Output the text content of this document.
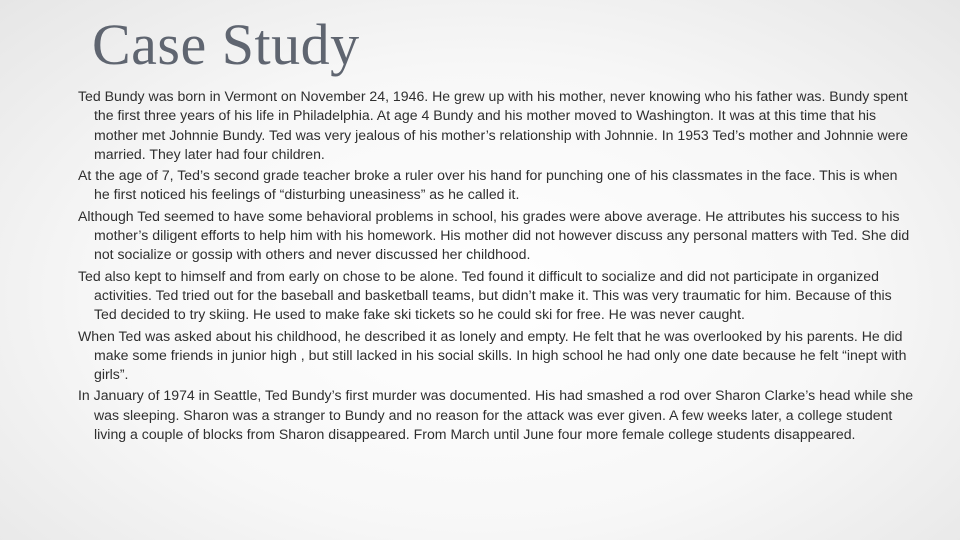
Case Study

Ted Bundy was born in Vermont on November 24, 1946. He grew up with his mother, never knowing who his father was. Bundy spent the first three years of his life in Philadelphia. At age 4 Bundy and his mother moved to Washington. It was at this time that his mother met Johnnie Bundy. Ted was very jealous of his mother’s relationship with Johnnie. In 1953 Ted’s mother and Johnnie were married. They later had four children.

At the age of 7, Ted’s second grade teacher broke a ruler over his hand for punching one of his classmates in the face. This is when he first noticed his feelings of “disturbing uneasiness” as he called it.

Although Ted seemed to have some behavioral problems in school, his grades were above average. He attributes his success to his mother’s diligent efforts to help him with his homework. His mother did not however discuss any personal matters with Ted. She did not socialize or gossip with others and never discussed her childhood.

Ted also kept to himself and from early on chose to be alone. Ted found it difficult to socialize and did not participate in organized activities. Ted tried out for the baseball and basketball teams, but didn’t make it. This was very traumatic for him. Because of this Ted decided to try skiing. He used to make fake ski tickets so he could ski for free. He was never caught.

When Ted was asked about his childhood, he described it as lonely and empty. He felt that he was overlooked by his parents. He did make some friends in junior high , but still lacked in his social skills. In high school he had only one date because he felt “inept with girls”.

In January of 1974 in Seattle, Ted Bundy’s first murder was documented. His had smashed a rod over Sharon Clarke’s head while she was sleeping. Sharon was a stranger to Bundy and no reason for the attack was ever given. A few weeks later, a college student living a couple of blocks from Sharon disappeared. From March until June four more female college students disappeared.
